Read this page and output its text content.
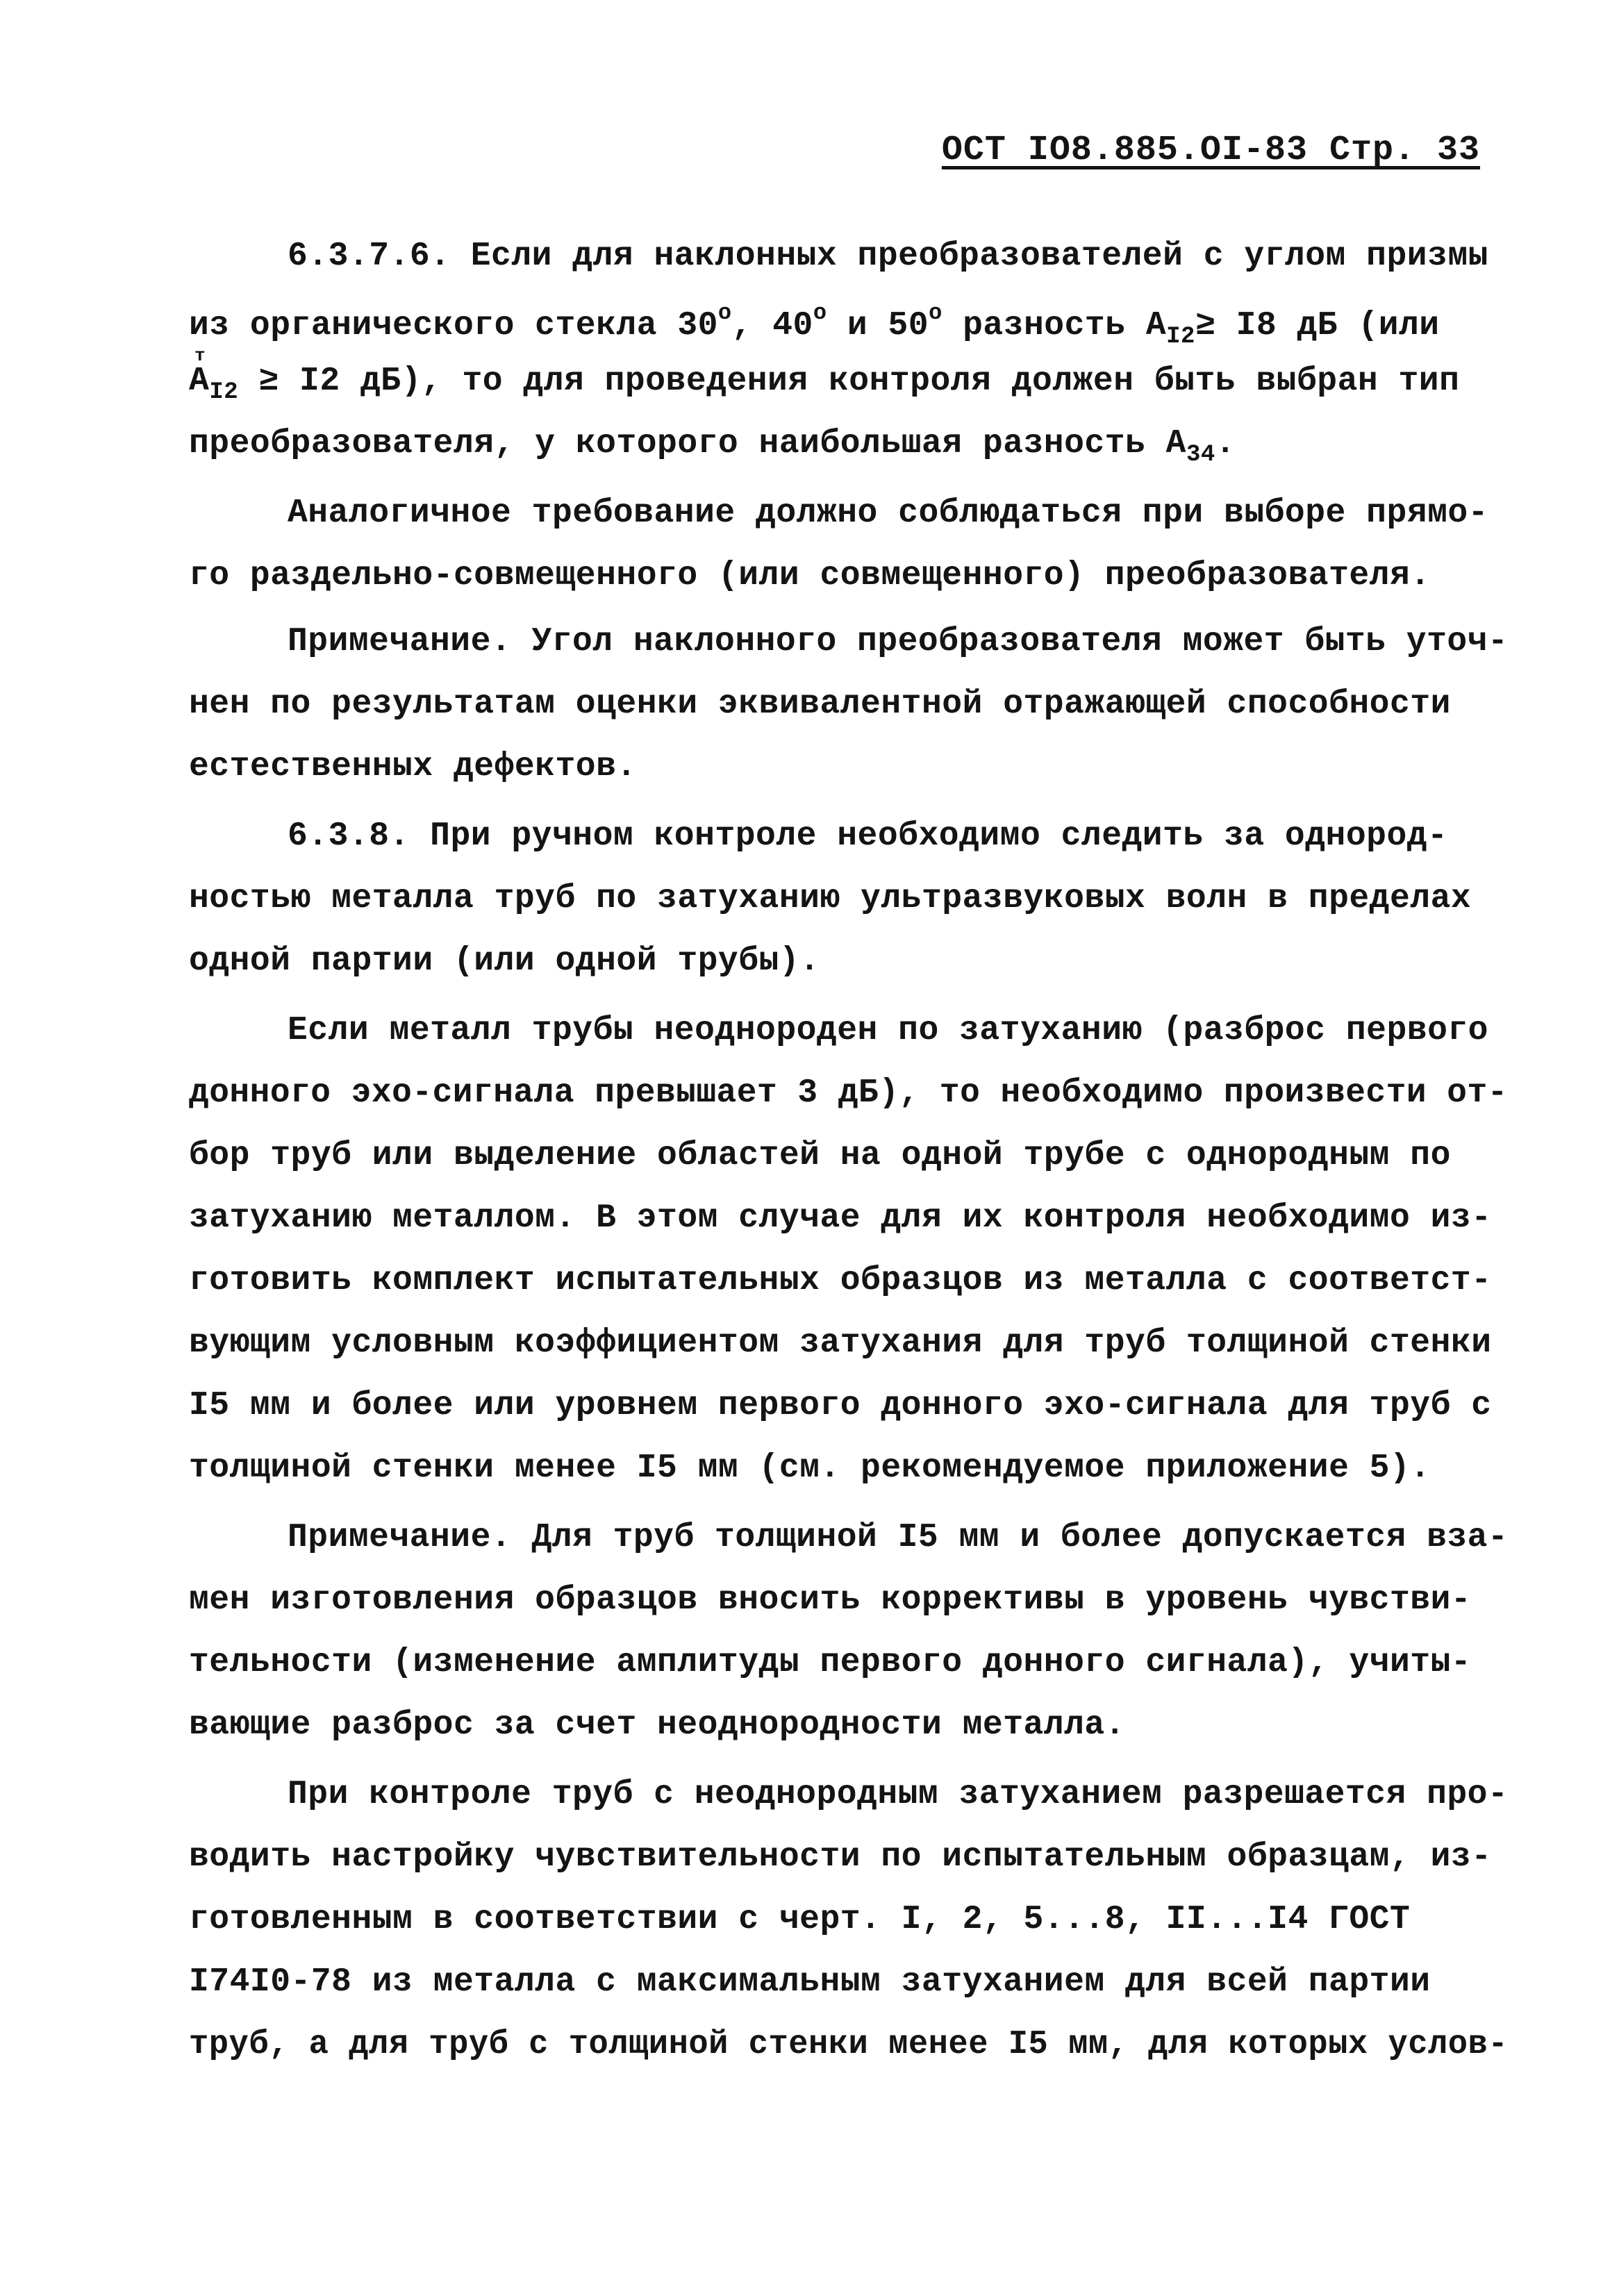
ОСТ IO8.885.OI-83 Стр. 33
6.3.7.6. Если для наклонных преобразователей с углом призмы
из органического стекла $30^о$, $40^о$ и $50^о$ разность $А_{I2}\ge I8$ дБ (или
А $т_{I2} \ge I2$ дБ), то для проведения контроля должен быть выбран тип
преобразователя, у которого наибольшая разность $А_{34}$.
Аналогичное требование должно соблюдаться при выборе прямо-
го раздельно-совмещенного (или совмещенного) преобразователя.
Примечание. Угол наклонного преобразователя может быть уточ-
нен по результатам оценки эквивалентной отражающей способности
естественных дефектов.
6.3.8. При ручном контроле необходимо следить за однород-
ностью металла труб по затуханию ультразвуковых волн в пределах
одной партии (или одной трубы).
Если металл трубы неоднороден по затуханию (разброс первого
донного эхо-сигнала превышает 3 дБ), то необходимо произвести от-
бор труб или выделение областей на одной трубе с однородным по
затуханию металлом. В этом случае для их контроля необходимо из-
готовить комплект испытательных образцов из металла с соответст-
вующим условным коэффициентом затухания для труб толщиной стенки
I5 мм и более или уровнем первого донного эхо-сигнала для труб с
толщиной стенки менее I5 мм (см. рекомендуемое приложение 5).
Примечание. Для труб толщиной I5 мм и более допускается вза-
мен изготовления образцов вносить коррективы в уровень чувстви-
тельности (изменение амплитуды первого донного сигнала), учиты-
вающие разброс за счет неоднородности металла.
При контроле труб с неоднородным затуханием разрешается про-
водить настройку чувствительности по испытательным образцам, из-
готовленным в соответствии с черт. I, 2, 5...8, II...I4 ГОСТ
I74I0-78 из металла с максимальным затуханием для всей партии
труб, а для труб с толщиной стенки менее I5 мм, для которых услов-
